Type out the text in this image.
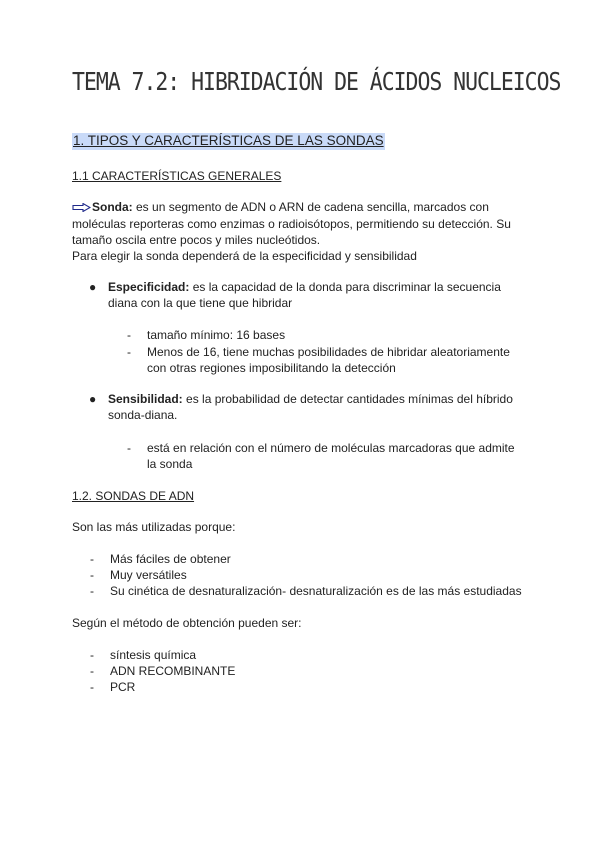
TEMA 7.2: HIBRIDACIÓN DE ÁCIDOS NUCLEICOS
1. TIPOS Y CARACTERÍSTICAS DE LAS SONDAS
1.1 CARACTERÍSTICAS GENERALES
Sonda: es un segmento de ADN o ARN de cadena sencilla, marcados con
moléculas reporteras como enzimas o radioisótopos, permitiendo su detección. Su
tamaño oscila entre pocos y miles nucleótidos.
Para elegir la sonda dependerá de la especificidad y sensibilidad
● Especificidad: es la capacidad de la donda para discriminar la secuencia
diana con la que tiene que hibridar
- tamaño mínimo: 16 bases
- Menos de 16, tiene muchas posibilidades de hibridar aleatoriamente
con otras regiones imposibilitando la detección
● Sensibilidad: es la probabilidad de detectar cantidades mínimas del híbrido
sonda-diana.
- está en relación con el número de moléculas marcadoras que admite
la sonda
1.2. SONDAS DE ADN
Son las más utilizadas porque:
- Más fáciles de obtener
- Muy versátiles
- Su cinética de desnaturalización- desnaturalización es de las más estudiadas
Según el método de obtención pueden ser:
- síntesis química
- ADN RECOMBINANTE
- PCR
